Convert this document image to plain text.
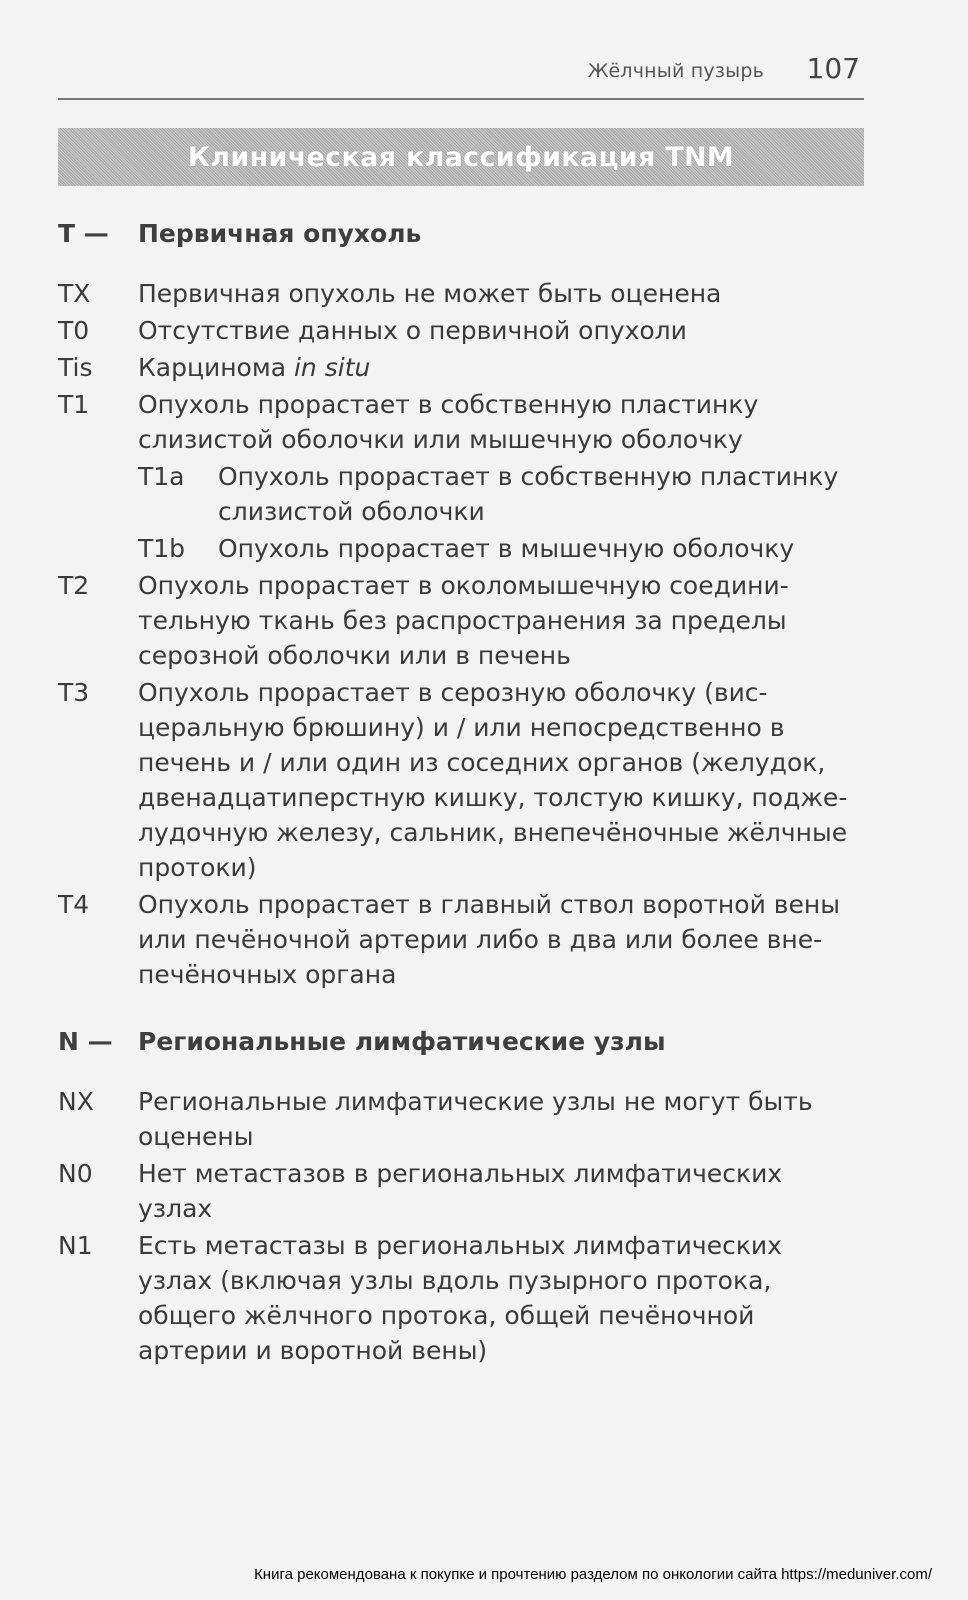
Жёлчный пузырь 107
Клиническая классификация TNM
T —	Первичная опухоль
TX	Первичная опухоль не может быть оценена
T0	Отсутствие данных о первичной опухоли
Tis	Карцинома in situ
T1	Опухоль прорастает в собственную пластинку
слизистой оболочки или мышечную оболочку
T1a	Опухоль прорастает в собственную пластинку
слизистой оболочки
T1b	Опухоль прорастает в мышечную оболочку
T2	Опухоль прорастает в околомышечную соедини-
тельную ткань без распространения за пределы
серозной оболочки или в печень
T3	Опухоль прорастает в серозную оболочку (вис-
церальную брюшину) и / или непосредственно в
печень и / или один из соседних органов (желудок,
двенадцатиперстную кишку, толстую кишку, подже-
лудочную железу, сальник, внепечёночные жёлчные
протоки)
T4	Опухоль прорастает в главный ствол воротной вены
или печёночной артерии либо в два или более вне-
печёночных органа
N —	Регионaльные лимфатические узлы
NX	Регионaльные лимфатические узлы не могут быть
оценены
N0	Нет метастазов в регионaльных лимфатических
узлах
N1	Есть метастазы в регионaльных лимфатических
узлах (включая узлы вдоль пузырного протока,
общего жёлчного протока, общей печёночной
артерии и воротной вены)
Книга рекомендована к покупке и прочтению разделом по онкологии сайта https://meduniver.com/
